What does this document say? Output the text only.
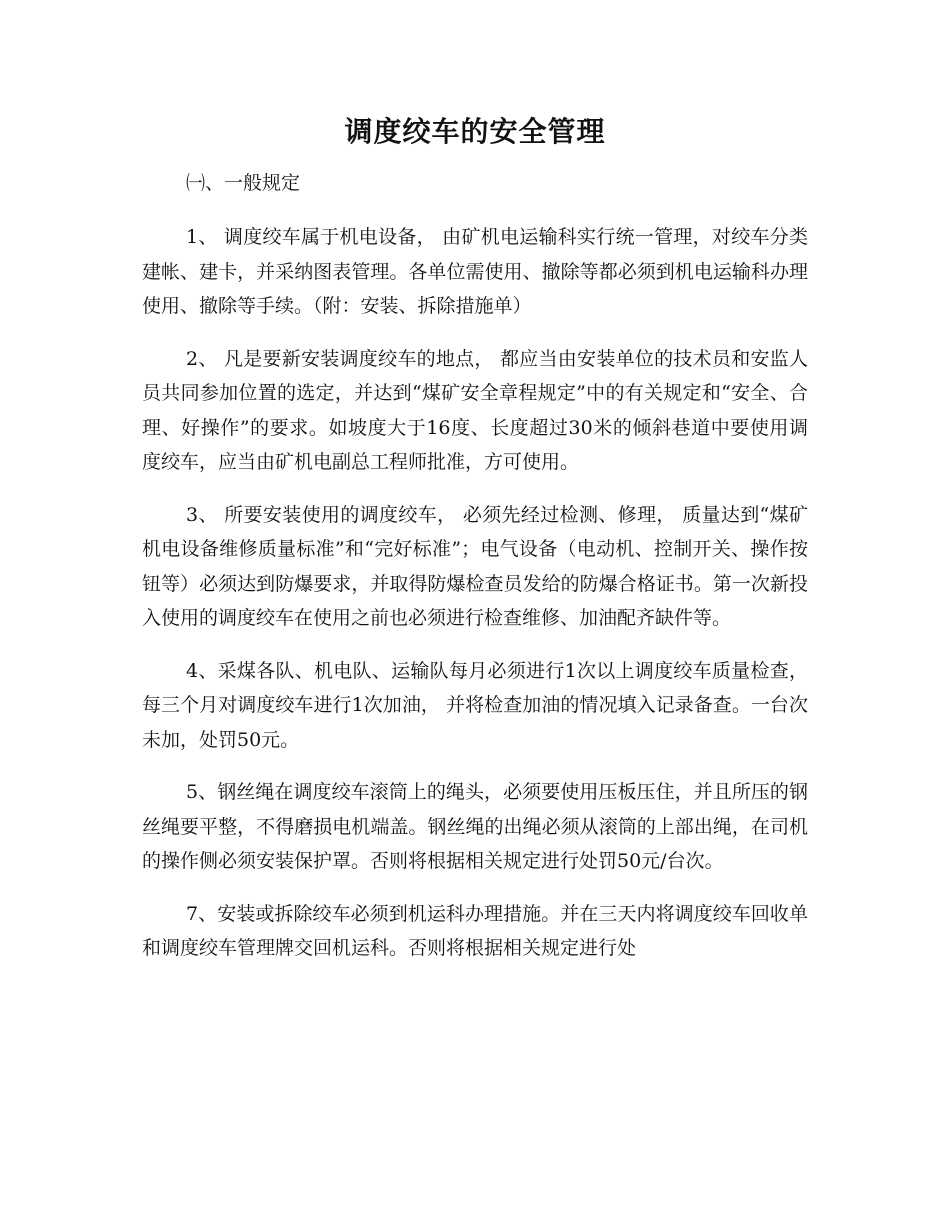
调度绞车的安全管理
㈠、一般规定

1、 调度绞车属于机电设备， 由矿机电运输科实行统一管理，对绞车分类建帐、建卡，并采纳图表管理。各单位需使用、撤除等都必须到机电运输科办理使用、撤除等手续。（附：安装、拆除措施单）

2、 凡是要新安装调度绞车的地点， 都应当由安装单位的技术员和安监人员共同参加位置的选定，并达到“煤矿安全章程规定”中的有关规定和“安全、合理、好操作”的要求。如坡度大于16度、长度超过30米的倾斜巷道中要使用调度绞车，应当由矿机电副总工程师批准，方可使用。

3、 所要安装使用的调度绞车， 必须先经过检测、修理， 质量达到“煤矿机电设备维修质量标准”和“完好标准”；电气设备（电动机、控制开关、操作按钮等）必须达到防爆要求，并取得防爆检查员发给的防爆合格证书。第一次新投入使用的调度绞车在使用之前也必须进行检查维修、加油配齐缺件等。

4、采煤各队、机电队、运输队每月必须进行1次以上调度绞车质量检查，每三个月对调度绞车进行1次加油， 并将检查加油的情况填入记录备查。一台次未加，处罚50元。

5、钢丝绳在调度绞车滚筒上的绳头，必须要使用压板压住，并且所压的钢丝绳要平整，不得磨损电机端盖。钢丝绳的出绳必须从滚筒的上部出绳，在司机的操作侧必须安装保护罩。否则将根据相关规定进行处罚50元/台次。

7、安装或拆除绞车必须到机运科办理措施。并在三天内将调度绞车回收单和调度绞车管理牌交回机运科。否则将根据相关规定进行处
